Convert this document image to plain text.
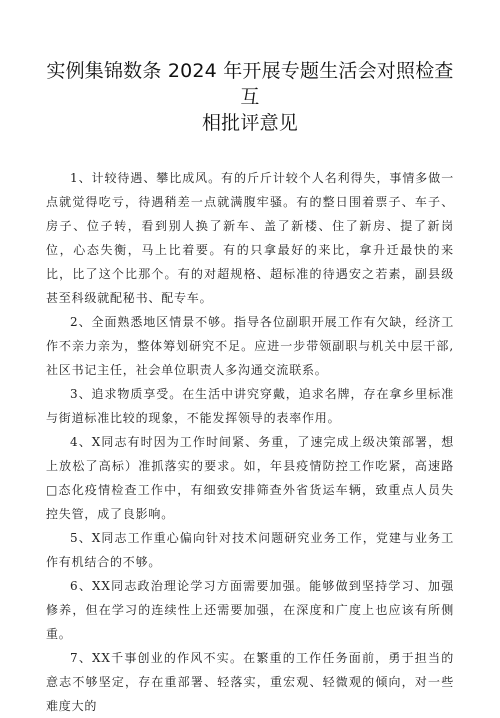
实例集锦数条 2024 年开展专题生活会对照检查互
相批评意见

1、计较待遇、攀比成风。有的斤斤计较个人名利得失，事情多做一点就觉得吃亏，待遇稍差一点就满腹牢骚。有的整日围着票子、车子、房子、位子转，看到别人换了新车、盖了新楼、住了新房、提了新岗位，心态失衡，马上比着要。有的只拿最好的来比，拿升迁最快的来比，比了这个比那个。有的对超规格、超标准的待遇安之若素，副县级甚至科级就配秘书、配专车。

2、全面熟悉地区情景不够。指导各位副职开展工作有欠缺，经济工作不亲力亲为，整体筹划研究不足。应进一步带领副职与机关中层干部,社区书记主任，社会单位职责人多沟通交流联系。

3、追求物质享受。在生活中讲究穿戴，追求名牌，存在拿乡里标准与街道标准比较的现象，不能发挥领导的表率作用。

4、X同志有时因为工作时间紧、务重，了速完成上级决策部署，想上放松了高标）准抓落实的要求。如，年县疫情防控工作吃紧，高速路□态化疫情检查工作中，有细致安排筛查外省货运车辆，致重点人员失控失管，成了良影响。

5、X同志工作重心偏向针对技术问题研究业务工作，党建与业务工作有机结合的不够。

6、XX同志政治理论学习方面需要加强。能够做到坚持学习、加强修养，但在学习的连续性上还需要加强，在深度和广度上也应该有所侧重。

7、XX千事创业的作风不实。在繁重的工作任务面前，勇于担当的意志不够坚定，存在重部署、轻落实，重宏观、轻微观的倾向，对一些难度大的
